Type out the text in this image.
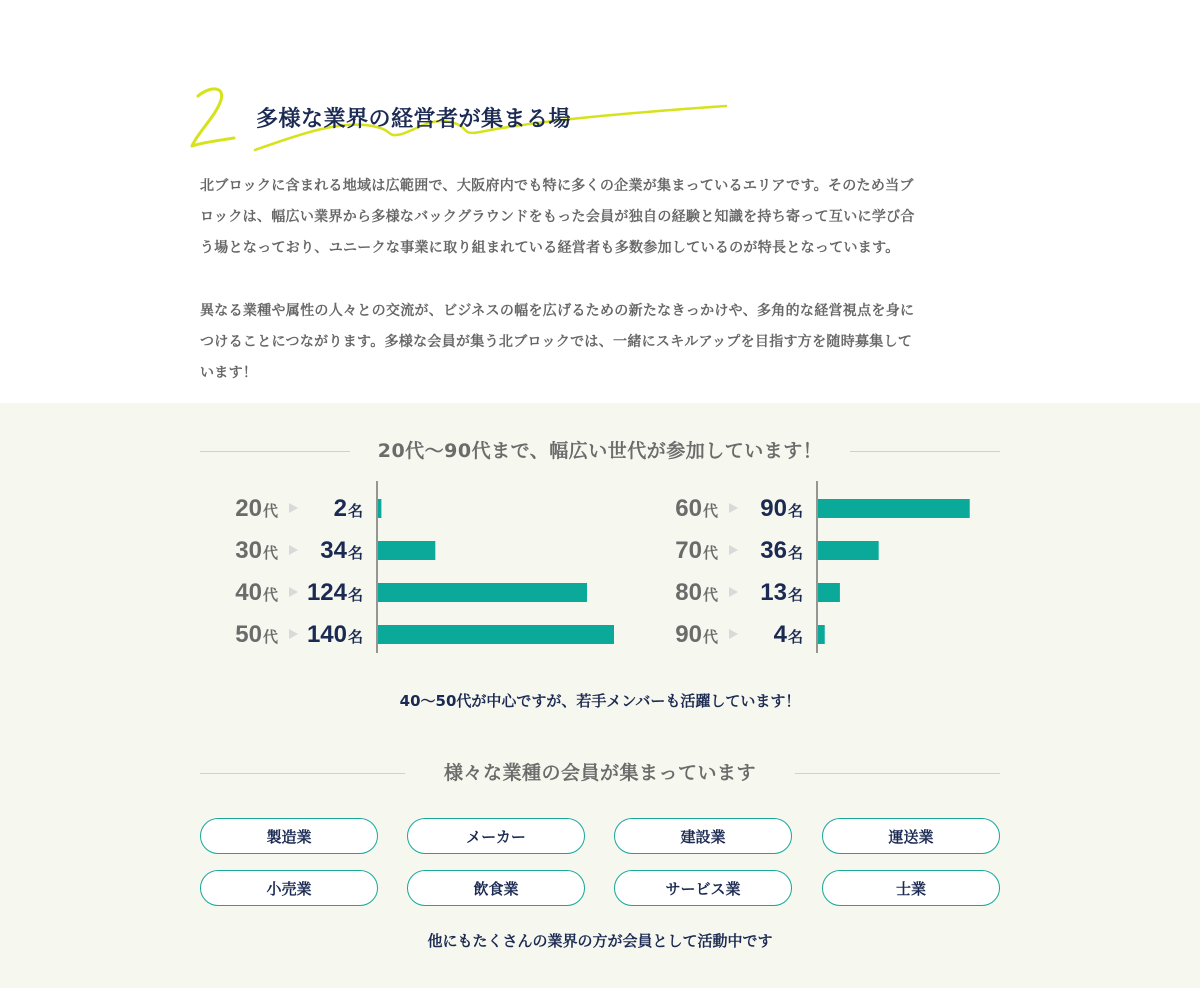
多様な業界の経営者が集まる場

北ブロックに含まれる地域は広範囲で、大阪府内でも特に多くの企業が集まっているエリアです。そのため当ブ
ロックは、幅広い業界から多様なバックグラウンドをもった会員が独自の経験と知識を持ち寄って互いに学び合
う場となっており、ユニークな事業に取り組まれている経営者も多数参加しているのが特長となっています。

異なる業種や属性の人々との交流が、ビジネスの幅を広げるための新たなきっかけや、多角的な経営視点を身に
つけることにつながります。多様な会員が集う北ブロックでは、一緒にスキルアップを目指す方を随時募集して
います！

20代〜90代まで、幅広い世代が参加しています！
20 代 2 名
30 代 34 名
40 代 124 名
50 代 140 名
60 代 90 名
70 代 36 名
80 代 13 名
90 代 4 名
40〜50代が中心ですが、若手メンバーも活躍しています！
様々な業種の会員が集まっています
製造業	メーカー	建設業	運送業
小売業	飲食業	サービス業	士業
他にもたくさんの業界の方が会員として活動中です
